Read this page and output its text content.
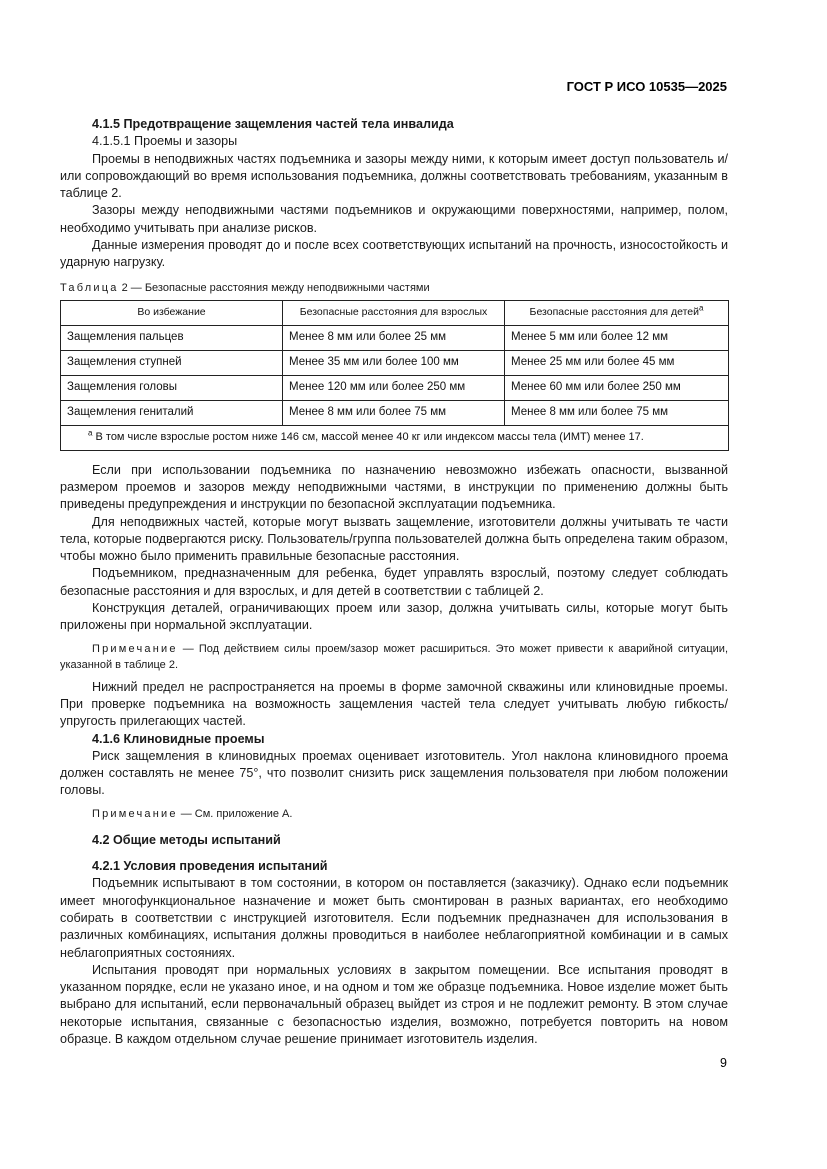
ГОСТ Р ИСО 10535—2025

4.1.5 Предотвращение защемления частей тела инвалида

4.1.5.1 Проемы и зазоры

Проемы в неподвижных частях подъемника и зазоры между ними, к которым имеет доступ пользователь и/или сопровождающий во время использования подъемника, должны соответствовать требованиям, указанным в таблице 2.

Зазоры между неподвижными частями подъемников и окружающими поверхностями, например, полом, необходимо учитывать при анализе рисков.

Данные измерения проводят до и после всех соответствующих испытаний на прочность, износостойкость и ударную нагрузку.

Таблица 2 — Безопасные расстояния между неподвижными частями

Во избежание	Безопасные расстояния для взрослых	Безопасные расстояния для детей$^a$
Защемления пальцев	Менее 8 мм или более 25 мм	Менее 5 мм или более 12 мм
Защемления ступней	Менее 35 мм или более 100 мм	Менее 25 мм или более 45 мм
Защемления головы	Менее 120 мм или более 250 мм	Менее 60 мм или более 250 мм
Защемления гениталий	Менее 8 мм или более 75 мм	Менее 8 мм или более 75 мм
$^a$ В том числе взрослые ростом ниже 146 см, массой менее 40 кг или индексом массы тела (ИМТ) менее 17.		

Если при использовании подъемника по назначению невозможно избежать опасности, вызванной размером проемов и зазоров между неподвижными частями, в инструкции по применению должны быть приведены предупреждения и инструкции по безопасной эксплуатации подъемника.

Для неподвижных частей, которые могут вызвать защемление, изготовители должны учитывать те части тела, которые подвергаются риску. Пользователь/группа пользователей должна быть определена таким образом, чтобы можно было применить правильные безопасные расстояния.

Подъемником, предназначенным для ребенка, будет управлять взрослый, поэтому следует соблюдать безопасные расстояния и для взрослых, и для детей в соответствии с таблицей 2.

Конструкция деталей, ограничивающих проем или зазор, должна учитывать силы, которые могут быть приложены при нормальной эксплуатации.

Примечание — Под действием силы проем/зазор может расшириться. Это может привести к аварийной ситуации, указанной в таблице 2.

Нижний предел не распространяется на проемы в форме замочной скважины или клиновидные проемы. При проверке подъемника на возможность защемления частей тела следует учитывать любую гибкость/упругость прилегающих частей.

4.1.6 Клиновидные проемы

Риск защемления в клиновидных проемах оценивает изготовитель. Угол наклона клиновидного проема должен составлять не менее 75°, что позволит снизить риск защемления пользователя при любом положении головы.

Примечание — См. приложение А.

4.2 Общие методы испытаний

4.2.1 Условия проведения испытаний

Подъемник испытывают в том состоянии, в котором он поставляется (заказчику). Однако если подъемник имеет многофункциональное назначение и может быть смонтирован в разных вариантах, его необходимо собирать в соответствии с инструкцией изготовителя. Если подъемник предназначен для использования в различных комбинациях, испытания должны проводиться в наиболее неблагоприятной комбинации и в самых неблагоприятных состояниях.

Испытания проводят при нормальных условиях в закрытом помещении. Все испытания проводят в указанном порядке, если не указано иное, и на одном и том же образце подъемника. Новое изделие может быть выбрано для испытаний, если первоначальный образец выйдет из строя и не подлежит ремонту. В этом случае некоторые испытания, связанные с безопасностью изделия, возможно, потребуется повторить на новом образце. В каждом отдельном случае решение принимает изготовитель изделия.

9
